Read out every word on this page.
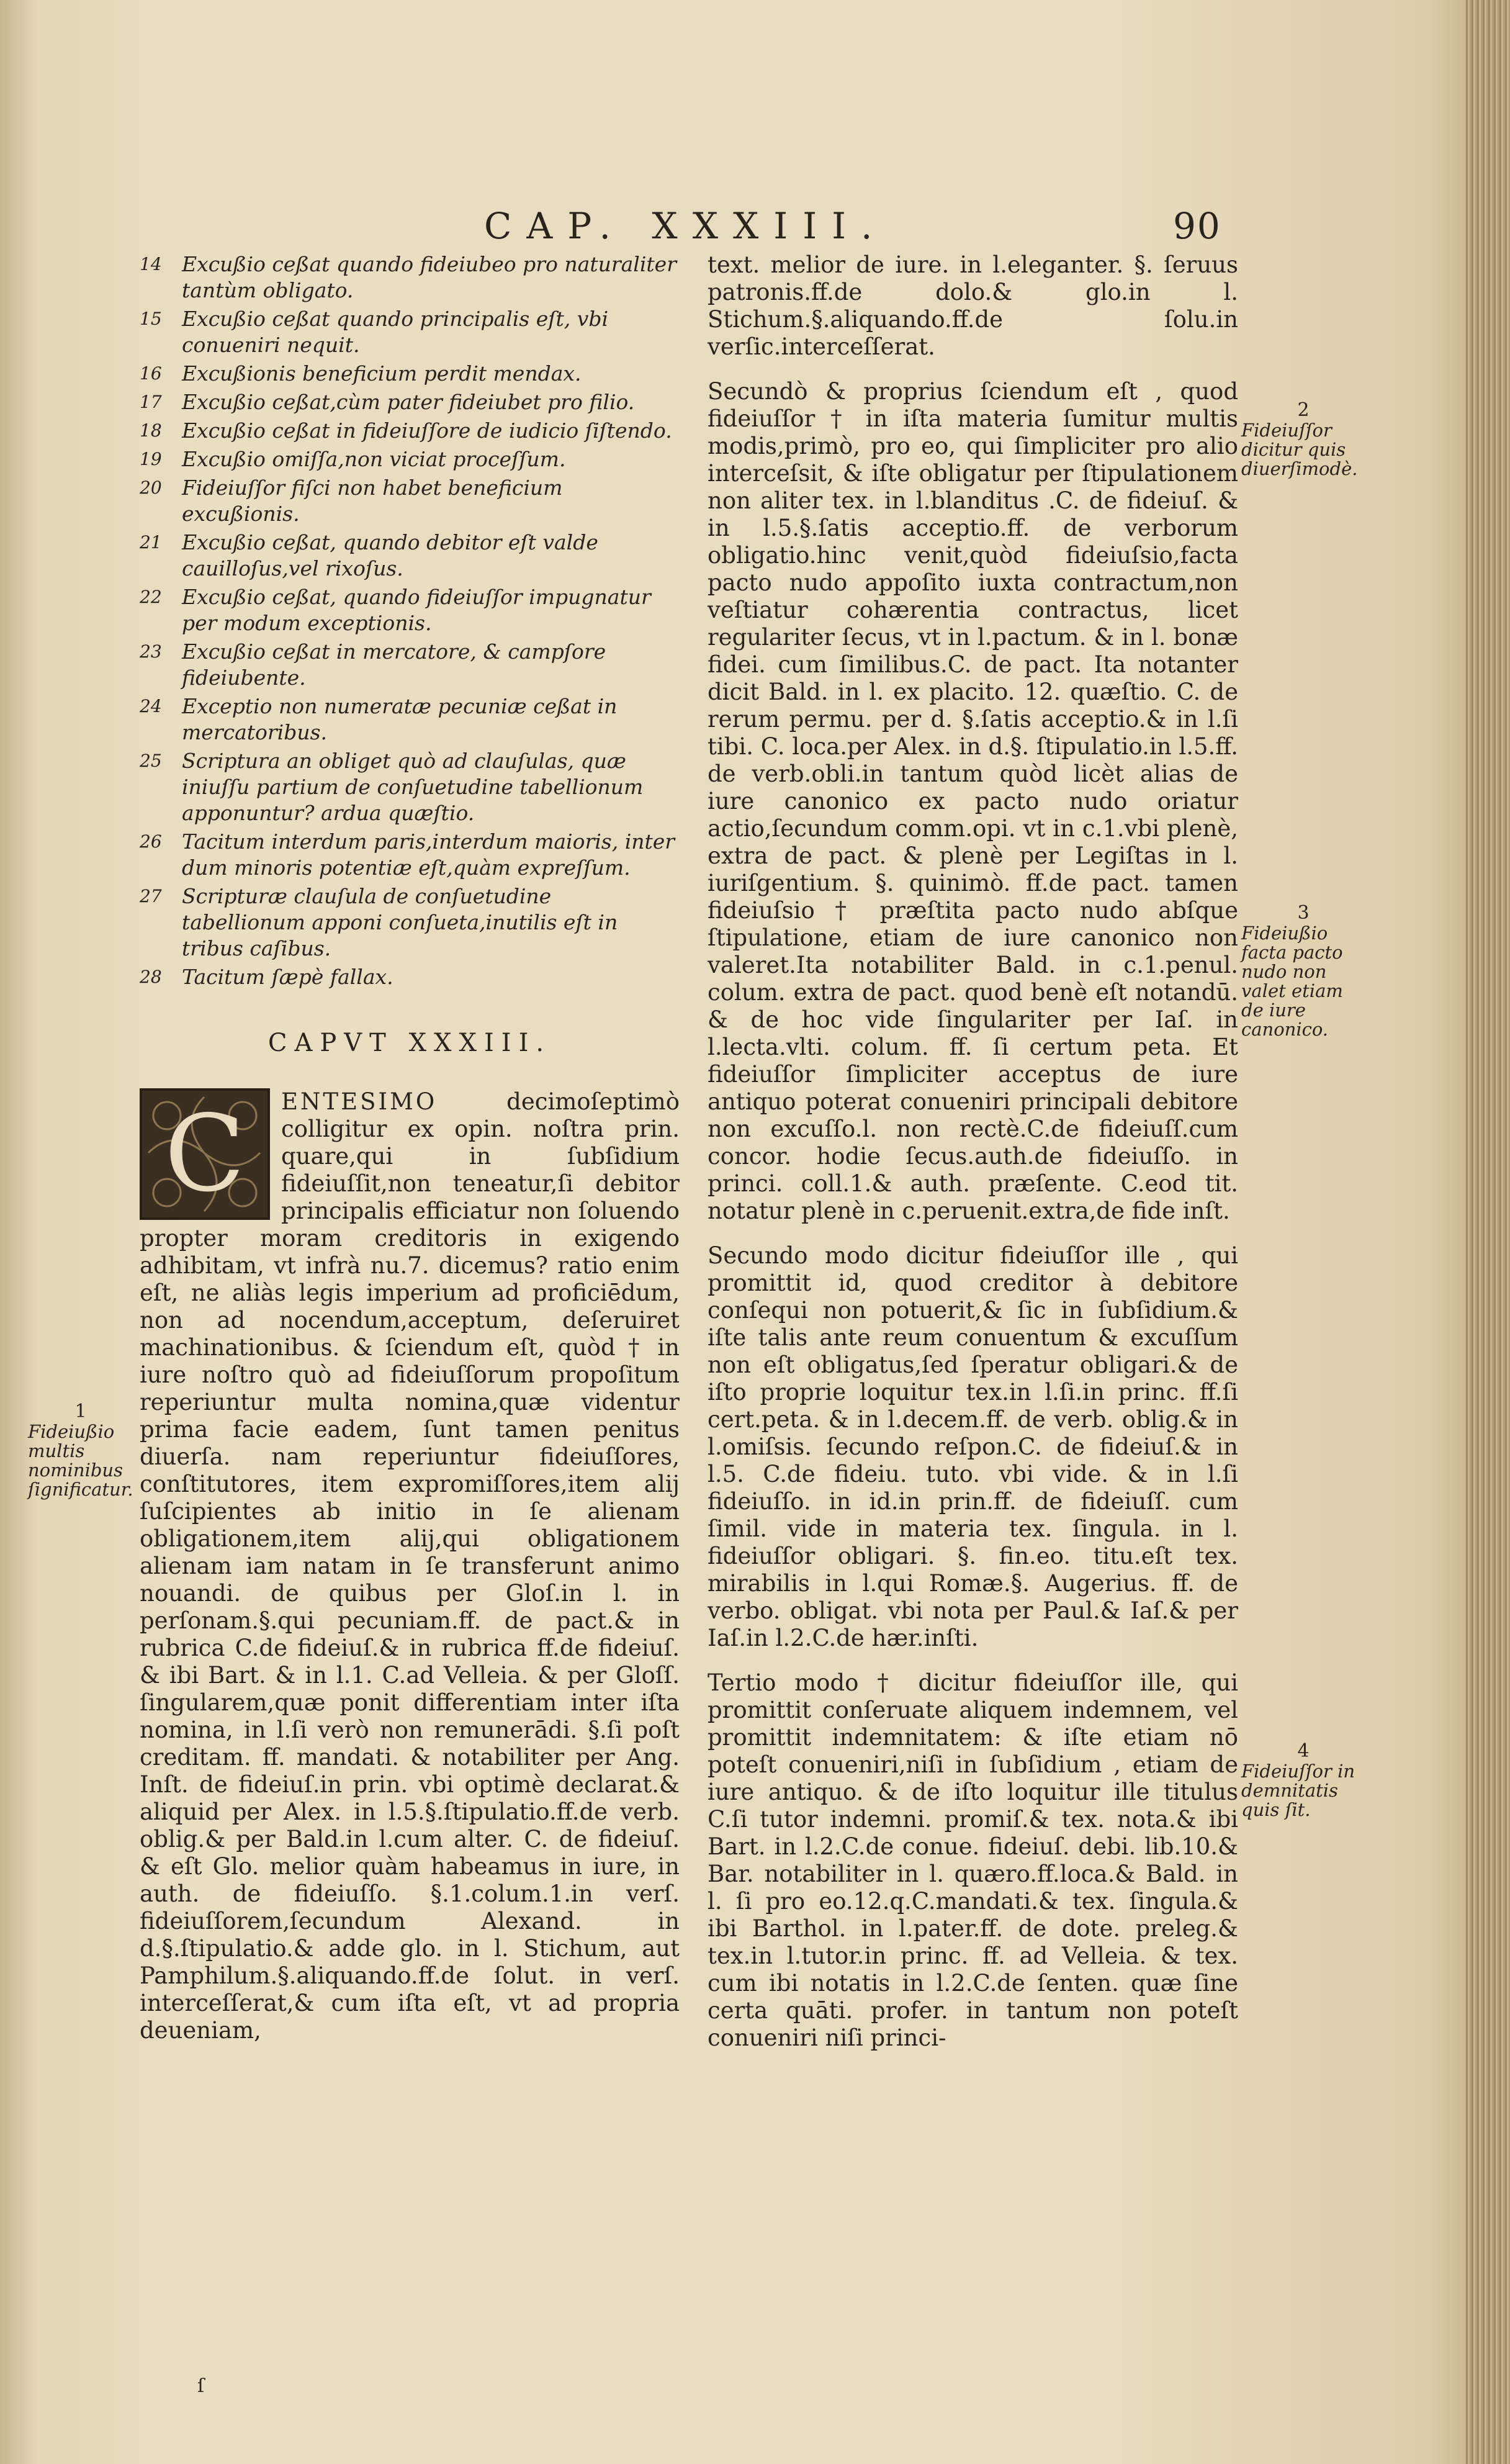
CAP. XXXIII.	90
14 Excußio ceßat quando fideiubeo pro naturaliter tantùm obligato.
15 Excußio ceßat quando principalis eſt, vbi conueniri nequit.
16 Excußionis beneficium perdit mendax.
17 Excußio ceßat,cùm pater fideiubet pro filio.
18 Excußio ceßat in fideiuſſore de iudicio ſiſtendo.
19 Excußio omiſſa,non viciat proceſſum.
20 Fideiuſſor fiſci non habet beneficium excußionis.
21 Excußio ceßat, quando debitor eſt valde cauilloſus,vel rixoſus.
22 Excußio ceßat, quando fideiuſſor impugnatur per modum exceptionis.
23 Excußio ceßat in mercatore, & campſore fideiubente.
24 Exceptio non numeratæ pecuniæ ceßat in mercatoribus.
25 Scriptura an obliget quò ad clauſulas, quæ iniuſſu partium de conſuetudine tabellionum apponuntur? ardua quæſtio.
26 Tacitum interdum paris,interdum maioris, inter dum minoris potentiæ eſt,quàm expreſſum.
27 Scripturæ clauſula de conſuetudine tabellionum apponi conſueta,inutilis eſt in tribus caſibus.
28 Tacitum ſæpè fallax.
CAPVT XXXIII.
C	ENTESIMO	decimoſeptimò colligitur ex opin. noſtra prin. quare,qui in ſubſidium fideiuſſit,non teneatur,ſi debitor principalis efficiatur non ſoluendo propter moram creditoris in exigendo adhibitam, vt infrà nu.7. dicemus? ratio enim eſt, ne aliàs legis imperium ad proficiēdum, non ad nocendum,acceptum, deſeruiret machinationibus. & ſciendum eſt, quòd † in iure noſtro quò ad fideiuſſorum propoſitum reperiuntur multa nomina,quæ videntur prima facie eadem, ſunt tamen penitus diuerſa. nam reperiuntur fideiuſſores, conſtitutores, item expromiſſores,item alij ſuſcipientes ab initio in ſe alienam obligationem,item alij,qui obligationem alienam iam natam in ſe transferunt animo nouandi. de quibus per Gloſ.in l. in perſonam.§.qui pecuniam.ff. de pact.& in rubrica C.de fideiuſ.& in rubrica ff.de fideiuſ. & ibi Bart. & in l.1. C.ad Velleia. & per Gloſſ. ſingularem,quæ ponit differentiam inter iſta nomina, in l.ſi verò non remunerādi. §.ſi poſt creditam. ff. mandati. & notabiliter per Ang. Inſt. de fideiuſ.in prin. vbi optimè declarat.& aliquid per Alex. in l.5.§.ſtipulatio.ff.de verb. oblig.& per Bald.in l.cum alter. C. de fideiuſ. & eſt Glo. melior quàm habeamus in iure, in auth. de fideiuſſo. §.1.colum.1.in verſ. fideiuſſorem,ſecundum Alexand. in d.§.ſtipulatio.& adde glo. in l. Stichum, aut Pamphilum.§.aliquando.ff.de ſolut. in verſ. interceſſerat,& cum iſta eſt, vt ad propria deueniam,

text. melior de iure. in l.eleganter. §. ſeruus patronis.ff.de dolo.& glo.in l. Stichum.§.aliquando.ff.de ſolu.in verſic.interceſſerat.

Secundò & proprius ſciendum eſt , quod fideiuſſor † in iſta materia ſumitur multis modis,primò, pro eo, qui ſimpliciter pro alio interceſsit, & iſte obligatur per ſtipulationem non aliter tex. in l.blanditus .C. de fideiuſ. & in l.5.§.ſatis acceptio.ff. de verborum obligatio.hinc venit,quòd fideiuſsio,facta pacto nudo appoſito iuxta contractum,non veſtiatur cohærentia contractus, licet regulariter ſecus, vt in l.pactum. & in l. bonæ fidei. cum ſimilibus.C. de pact. Ita notanter dicit Bald. in l. ex placito. 12. quæſtio. C. de rerum permu. per d. §.ſatis acceptio.& in l.ſi tibi. C. loca.per Alex. in d.§. ſtipulatio.in l.5.ff. de verb.obli.in tantum quòd licèt alias de iure canonico ex pacto nudo oriatur actio,ſecundum comm.opi. vt in c.1.vbi plenè, extra de pact. & plenè per Legiſtas in l. iuriſgentium. §. quinimò. ff.de pact. tamen fideiuſsio † præſtita pacto nudo abſque ſtipulatione, etiam de iure canonico non valeret.Ita notabiliter Bald. in c.1.penul. colum. extra de pact. quod benè eſt notandū. & de hoc vide ſingulariter per Iaſ. in l.lecta.vlti. colum. ff. ſi certum peta. Et fideiuſſor ſimpliciter acceptus de iure antiquo poterat conueniri principali debitore non excuſſo.l. non rectè.C.de fideiuſſ.cum concor. hodie ſecus.auth.de fideiuſſo. in princi. coll.1.& auth. præſente. C.eod tit. notatur plenè in c.peruenit.extra,de fide inſt.

Secundo modo dicitur fideiuſſor ille , qui promittit id, quod creditor à debitore conſequi non potuerit,& ſic in ſubſidium.& iſte talis ante reum conuentum & excuſſum non eſt obligatus,ſed ſperatur obligari.& de iſto proprie loquitur tex.in l.ſi.in princ. ff.ſi cert.peta. & in l.decem.ff. de verb. oblig.& in l.omiſsis. ſecundo reſpon.C. de fideiuſ.& in l.5. C.de fideiu. tuto. vbi vide. & in l.ſi fideiuſſo. in id.in prin.ff. de fideiuſſ. cum ſimil. vide in materia tex. ſingula. in l. fideiuſſor obligari. §. fin.eo. titu.eſt tex. mirabilis in l.qui Romæ.§. Augerius. ff. de verbo. obligat. vbi nota per Paul.& Iaſ.& per Iaſ.in l.2.C.de hær.inſti.

Tertio modo † dicitur fideiuſſor ille, qui promittit conſeruate aliquem indemnem, vel promittit indemnitatem: & iſte etiam nō poteſt conueniri,niſi in ſubſidium , etiam de iure antiquo. & de iſto loquitur ille titulus C.ſi tutor indemni. promiſ.& tex. nota.& ibi Bart. in l.2.C.de conue. fideiuſ. debi. lib.10.& Bar. notabiliter in l. quæro.ff.loca.& Bald. in l. ſi pro eo.12.q.C.mandati.& tex. ſingula.& ibi Barthol. in l.pater.ff. de dote. preleg.& tex.in l.tutor.in princ. ff. ad Velleia. & tex. cum ibi notatis in l.2.C.de ſenten. quæ ſine certa quāti. profer. in tantum non poteſt conueniri niſi princi-

1
Fideiußio multis nominibus ſignificatur.
2
Fideiuſſor dicitur quis diuerſimodè.
3
Fideiußio facta pacto nudo non valet etiam de iure canonico.
4
Fideiuſſor in demnitatis quis ſit.
ſ
